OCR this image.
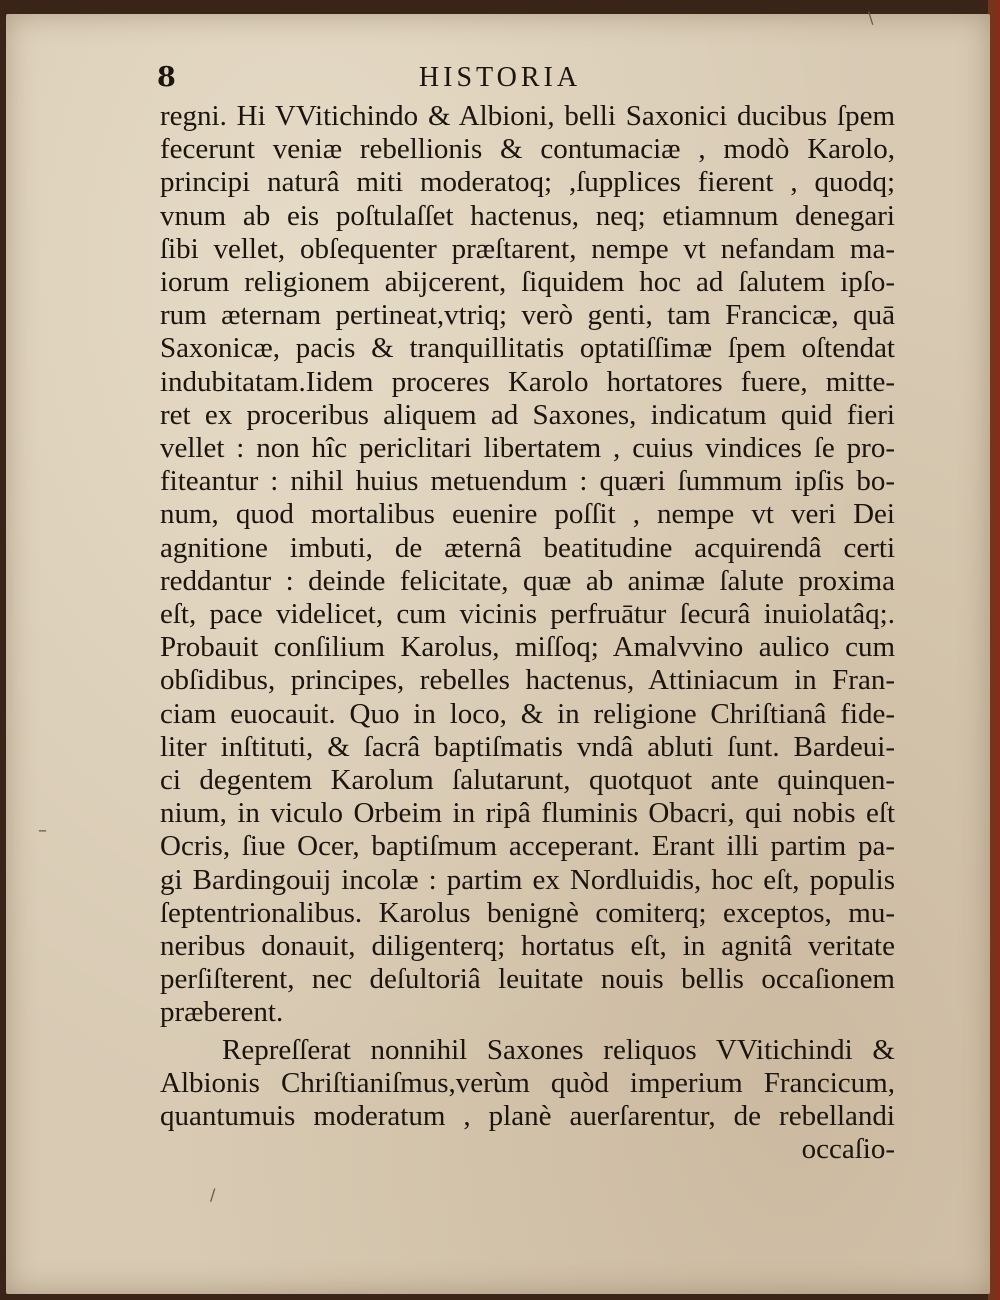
8	HISTORIA
regni. Hi VVitichindo & Albioni, belli Saxonici ducibus ſpem
fecerunt veniæ rebellionis & contumaciæ , modò Karolo,
principi naturâ miti moderatoq; ,ſupplices fierent , quodq;
vnum ab eis poſtulaſſet hactenus, neq; etiamnum denegari
ſibi vellet, obſequenter præſtarent, nempe vt nefandam ma-
iorum religionem abijcerent, ſiquidem hoc ad ſalutem ipſo-
rum æternam pertineat,vtriq; verò genti, tam Francicæ, quā
Saxonicæ, pacis & tranquillitatis optatiſſimæ ſpem oſtendat
indubitatam.Iidem proceres Karolo hortatores fuere, mitte-
ret ex proceribus aliquem ad Saxones, indicatum quid fieri
vellet : non hîc periclitari libertatem , cuius vindices ſe pro-
fiteantur : nihil huius metuendum : quæri ſummum ipſis bo-
num, quod mortalibus euenire poſſit , nempe vt veri Dei
agnitione imbuti, de æternâ beatitudine acquirendâ certi
reddantur : deinde felicitate, quæ ab animæ ſalute proxima
eſt, pace videlicet, cum vicinis perfruātur ſecurâ inuiolatâq;.
Probauit conſilium Karolus, miſſoq; Amalvvino aulico cum
obſidibus, principes, rebelles hactenus, Attiniacum in Fran-
ciam euocauit. Quo in loco, & in religione Chriſtianâ fide-
liter inſtituti, & ſacrâ baptiſmatis vndâ abluti ſunt. Bardeui-
ci degentem Karolum ſalutarunt, quotquot ante quinquen-
nium, in viculo Orbeim in ripâ fluminis Obacri, qui nobis eſt
Ocris, ſiue Ocer, baptiſmum acceperant. Erant illi partim pa-
gi Bardingouij incolæ : partim ex Nordluidis, hoc eſt, populis
ſeptentrionalibus. Karolus benignè comiterq; exceptos, mu-
neribus donauit, diligenterq; hortatus eſt, in agnitâ veritate
perſiſterent, nec deſultoriâ leuitate nouis bellis occaſionem
præberent.
Repreſſerat nonnihil Saxones reliquos VVitichindi &
Albionis Chriſtianiſmus,verùm quòd imperium Francicum,
quantumuis moderatum , planè auerſarentur, de rebellandi
occaſio-
–
/
\
